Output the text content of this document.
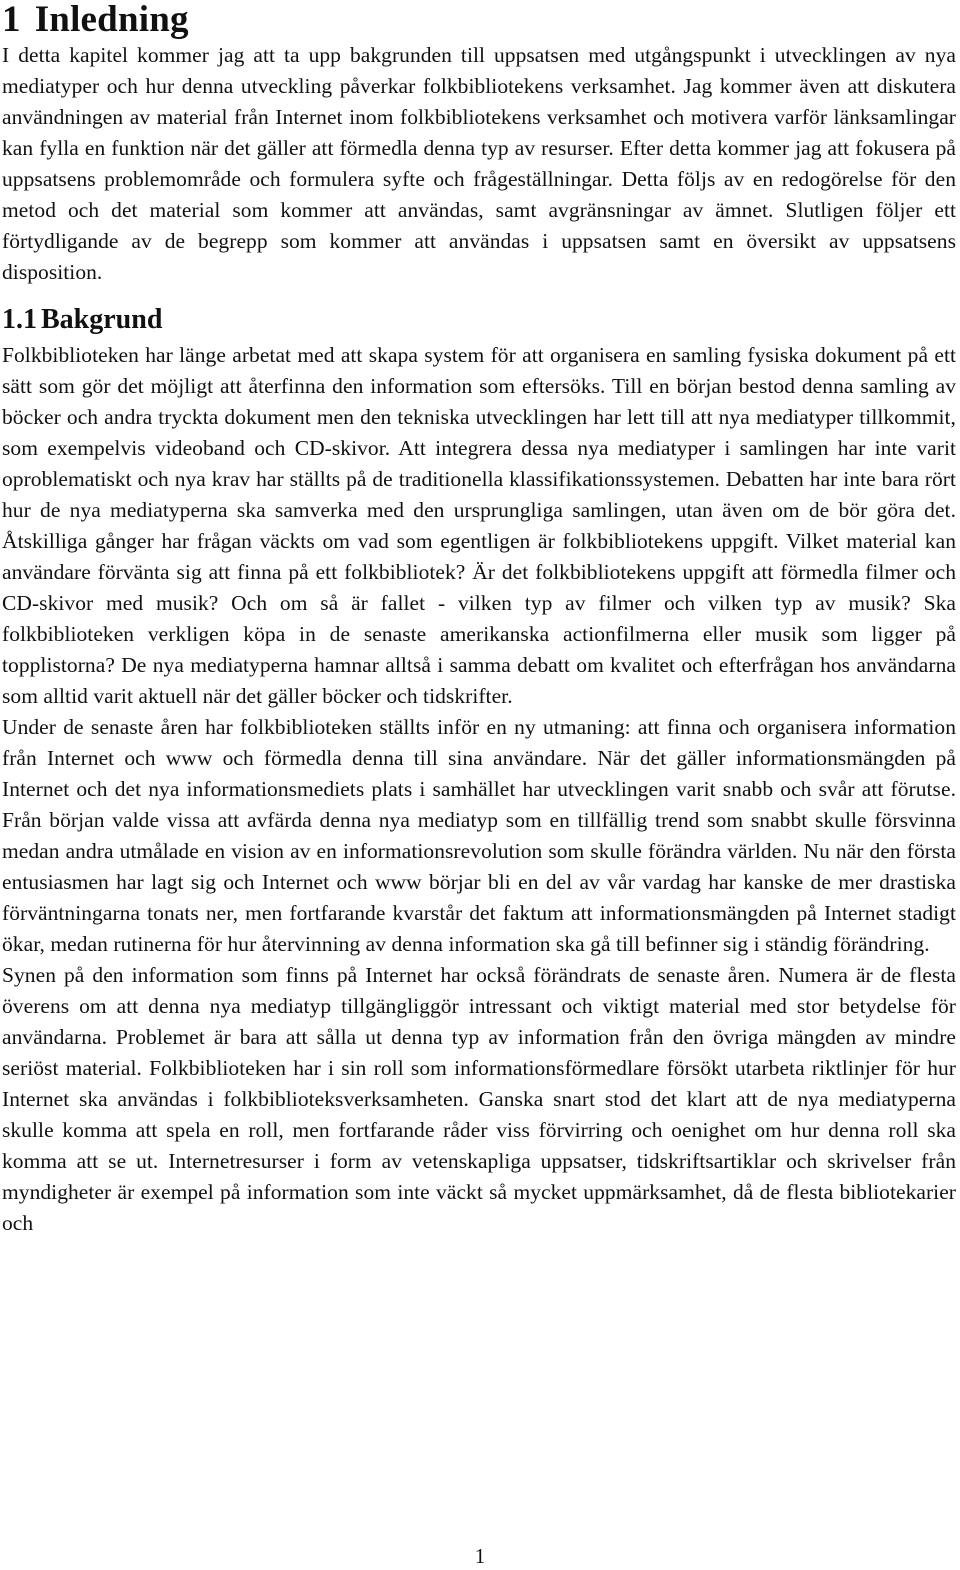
1 Inledning

I detta kapitel kommer jag att ta upp bakgrunden till uppsatsen med utgångspunkt i utvecklingen av nya mediatyper och hur denna utveckling påverkar folkbibliotekens verksamhet. Jag kommer även att diskutera användningen av material från Internet inom folkbibliotekens verksamhet och motivera varför länksamlingar kan fylla en funktion när det gäller att förmedla denna typ av resurser. Efter detta kommer jag att fokusera på uppsatsens problemområde och formulera syfte och frågeställningar. Detta följs av en redogörelse för den metod och det material som kommer att användas, samt avgränsningar av ämnet. Slutligen följer ett förtydligande av de begrepp som kommer att användas i uppsatsen samt en översikt av uppsatsens disposition.

1.1 Bakgrund

Folkbiblioteken har länge arbetat med att skapa system för att organisera en samling fysiska dokument på ett sätt som gör det möjligt att återfinna den information som eftersöks. Till en början bestod denna samling av böcker och andra tryckta dokument men den tekniska utvecklingen har lett till att nya mediatyper tillkommit, som exempelvis videoband och CD-skivor. Att integrera dessa nya mediatyper i samlingen har inte varit oproblematiskt och nya krav har ställts på de traditionella klassifikationssystemen. Debatten har inte bara rört hur de nya mediatyperna ska samverka med den ursprungliga samlingen, utan även om de bör göra det. Åtskilliga gånger har frågan väckts om vad som egentligen är folkbibliotekens uppgift. Vilket material kan användare förvänta sig att finna på ett folkbibliotek? Är det folkbibliotekens uppgift att förmedla filmer och CD-skivor med musik? Och om så är fallet - vilken typ av filmer och vilken typ av musik? Ska folkbiblioteken verkligen köpa in de senaste amerikanska actionfilmerna eller musik som ligger på topplistorna? De nya mediatyperna hamnar alltså i samma debatt om kvalitet och efterfrågan hos användarna som alltid varit aktuell när det gäller böcker och tidskrifter.

Under de senaste åren har folkbiblioteken ställts inför en ny utmaning: att finna och organisera information från Internet och www och förmedla denna till sina användare. När det gäller informationsmängden på Internet och det nya informationsmediets plats i samhället har utvecklingen varit snabb och svår att förutse. Från början valde vissa att avfärda denna nya mediatyp som en tillfällig trend som snabbt skulle försvinna medan andra utmålade en vision av en informationsrevolution som skulle förändra världen. Nu när den första entusiasmen har lagt sig och Internet och www börjar bli en del av vår vardag har kanske de mer drastiska förväntningarna tonats ner, men fortfarande kvarstår det faktum att informationsmängden på Internet stadigt ökar, medan rutinerna för hur återvinning av denna information ska gå till befinner sig i ständig förändring.

Synen på den information som finns på Internet har också förändrats de senaste åren. Numera är de flesta överens om att denna nya mediatyp tillgängliggör intressant och viktigt material med stor betydelse för användarna. Problemet är bara att sålla ut denna typ av information från den övriga mängden av mindre seriöst material. Folkbiblioteken har i sin roll som informationsförmedlare försökt utarbeta riktlinjer för hur Internet ska användas i folkbiblioteksverksamheten. Ganska snart stod det klart att de nya mediatyperna skulle komma att spela en roll, men fortfarande råder viss förvirring och oenighet om hur denna roll ska komma att se ut. Internetresurser i form av vetenskapliga uppsatser, tidskriftsartiklar och skrivelser från myndigheter är exempel på information som inte väckt så mycket uppmärksamhet, då de flesta bibliotekarier och

1
